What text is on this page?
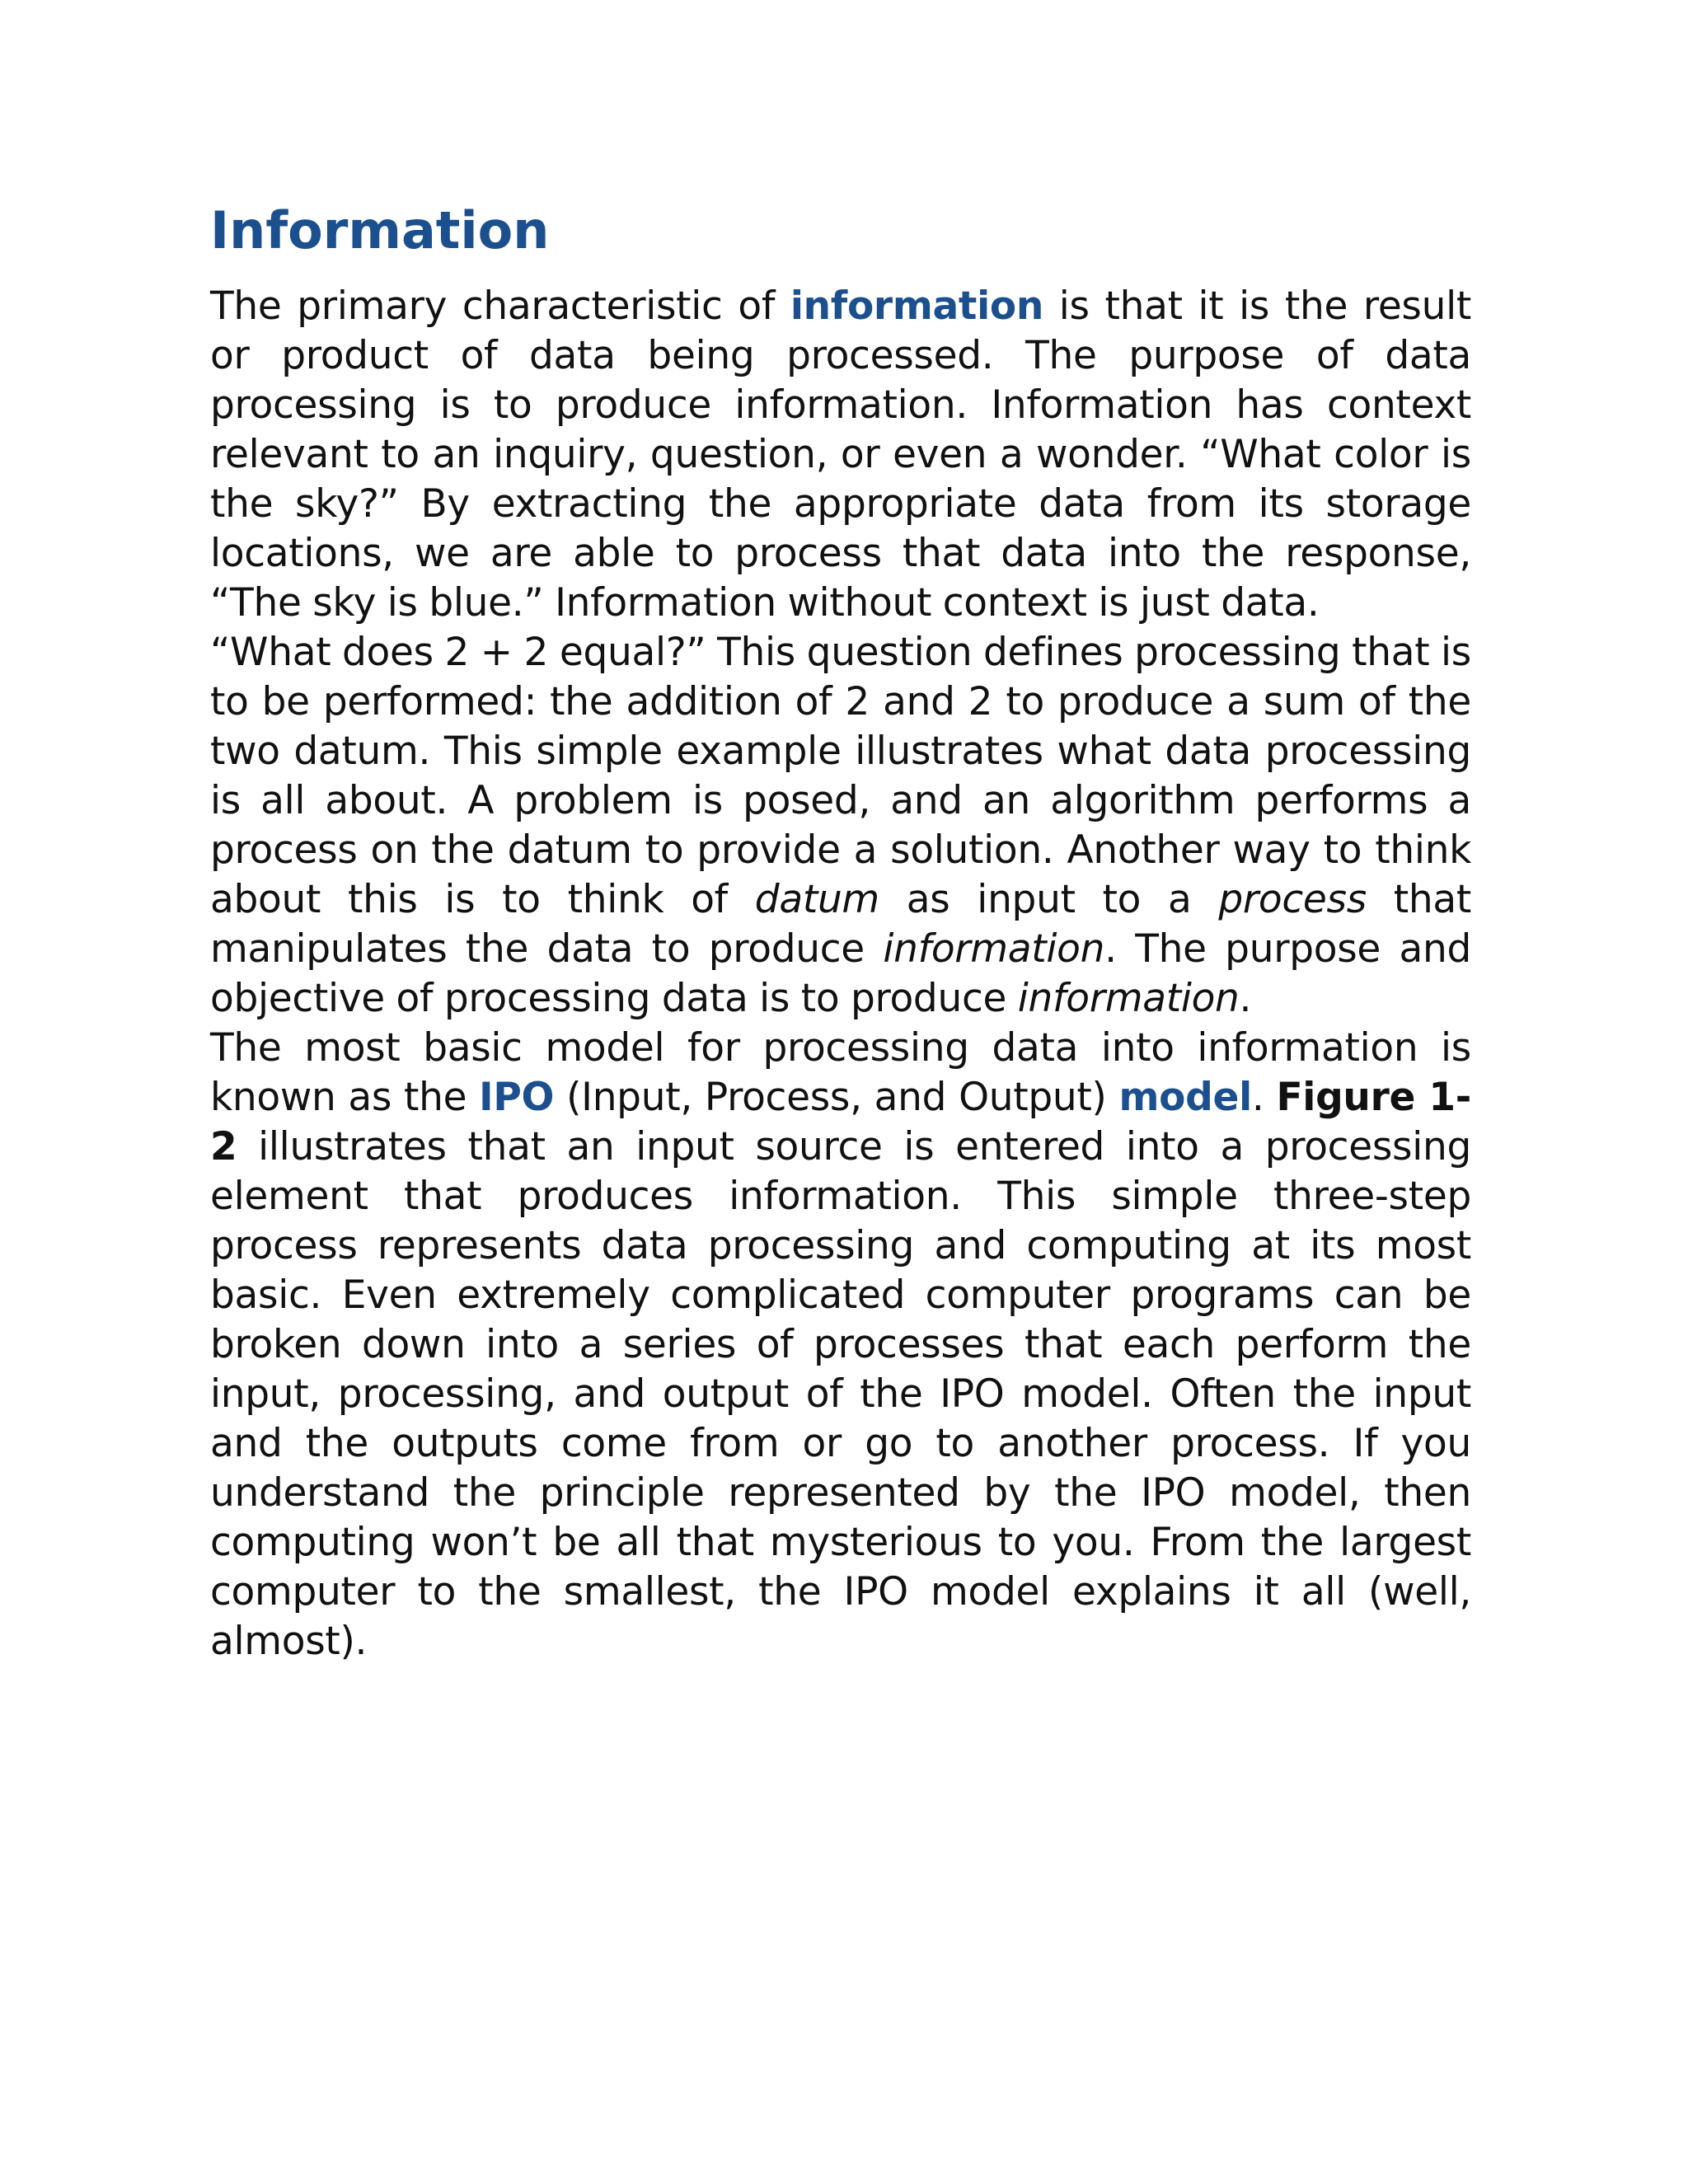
Information

The primary characteristic of information is that it is the result or product of data being processed. The purpose of data processing is to produce information. Information has context relevant to an inquiry, question, or even a wonder. “What color is the sky?” By extracting the appropriate data from its storage locations, we are able to process that data into the response, “The sky is blue.” Information without context is just data.

“What does 2 + 2 equal?” This question defines processing that is to be performed: the addition of 2 and 2 to produce a sum of the two datum. This simple example illustrates what data processing is all about. A problem is posed, and an algorithm performs a process on the datum to provide a solution. Another way to think about this is to think of datum as input to a process that manipulates the data to produce information. The purpose and objective of processing data is to produce information.

The most basic model for processing data into information is known as the IPO (Input, Process, and Output) model. Figure 1-2 illustrates that an input source is entered into a processing element that produces information. This simple three-step process represents data processing and computing at its most basic. Even extremely complicated computer programs can be broken down into a series of processes that each perform the input, processing, and output of the IPO model. Often the input and the outputs come from or go to another process. If you understand the principle represented by the IPO model, then computing won’t be all that mysterious to you. From the largest computer to the smallest, the IPO model explains it all (well, almost).
